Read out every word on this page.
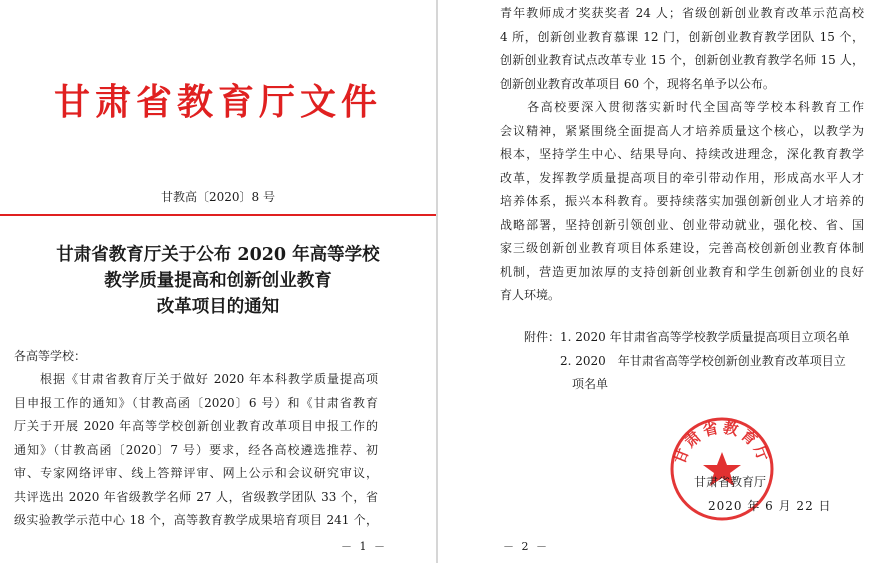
甘肃省教育厅文件
甘教高〔2020〕8 号
甘肃省教育厅关于公布 2020 年高等学校
教学质量提高和创新创业教育
改革项目的通知
各高等学校：
　　根据《甘肃省教育厅关于做好 2020 年本科教学质量提高项
目申报工作的通知》（甘教高函〔2020〕6 号）和《甘肃省教育
厅关于开展 2020 年高等学校创新创业教育改革项目申报工作的
通知》（甘教高函〔2020〕7 号）要求，经各高校遴选推荐、初
审、专家网络评审、线上答辩评审、网上公示和会议研究审议，
共评选出 2020 年省级教学名师 27 人，省级教学团队 33 个，省
级实验教学示范中心 18 个，高等教育教学成果培育项目 241 个，
－ 1 －
青年教师成才奖获奖者 24 人；省级创新创业教育改革示范高校
4 所，创新创业教育慕课 12 门，创新创业教育教学团队 15 个，
创新创业教育试点改革专业 15 个，创新创业教育教学名师 15 人，
创新创业教育改革项目 60 个，现将名单予以公布。
　　各高校要深入贯彻落实新时代全国高等学校本科教育工作
会议精神，紧紧围绕全面提高人才培养质量这个核心，以教学为
根本，坚持学生中心、结果导向、持续改进理念，深化教育教学
改革，发挥教学质量提高项目的牵引带动作用，形成高水平人才
培养体系，振兴本科教育。要持续落实加强创新创业人才培养的
战略部署，坚持创新引领创业、创业带动就业，强化校、省、国
家三级创新创业教育项目体系建设，完善高校创新创业教育体制
机制，营造更加浓厚的支持创新创业教育和学生创新创业的良好
育人环境。
　　附件：1. 2020 年甘肃省高等学校教学质量提高项目立项名单
　　　　　2. 2020　年甘肃省高等学校创新创业教育改革项目立
　　　　　　项名单
甘肃省教育厅
甘肃省教育厅
2020 年 6 月 22 日
－ 2 －
